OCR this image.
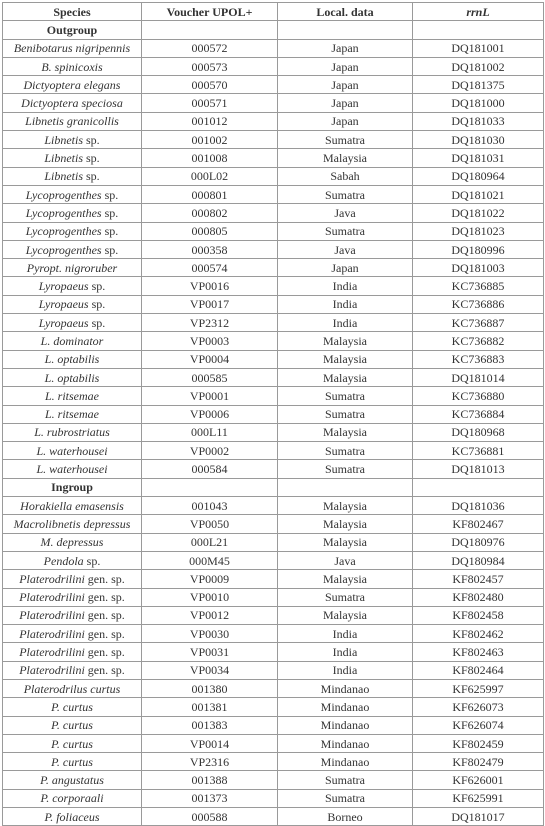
Species	Voucher UPOL+	Local. data	rrnL
Outgroup			
Benibotarus nigripennis	000572	Japan	DQ181001
B. spinicoxis	000573	Japan	DQ181002
Dictyoptera elegans	000570	Japan	DQ181375
Dictyoptera speciosa	000571	Japan	DQ181000
Libnetis granicollis	001012	Japan	DQ181033
Libnetis sp.	001002	Sumatra	DQ181030
Libnetis sp.	001008	Malaysia	DQ181031
Libnetis sp.	000L02	Sabah	DQ180964
Lycoprogenthes sp.	000801	Sumatra	DQ181021
Lycoprogenthes sp.	000802	Java	DQ181022
Lycoprogenthes sp.	000805	Sumatra	DQ181023
Lycoprogenthes sp.	000358	Java	DQ180996
Pyropt. nigroruber	000574	Japan	DQ181003
Lyropaeus sp.	VP0016	India	KC736885
Lyropaeus sp.	VP0017	India	KC736886
Lyropaeus sp.	VP2312	India	KC736887
L. dominator	VP0003	Malaysia	KC736882
L. optabilis	VP0004	Malaysia	KC736883
L. optabilis	000585	Malaysia	DQ181014
L. ritsemae	VP0001	Sumatra	KC736880
L. ritsemae	VP0006	Sumatra	KC736884
L. rubrostriatus	000L11	Malaysia	DQ180968
L. waterhousei	VP0002	Sumatra	KC736881
L. waterhousei	000584	Sumatra	DQ181013
Ingroup			
Horakiella emasensis	001043	Malaysia	DQ181036
Macrolibnetis depressus	VP0050	Malaysia	KF802467
M. depressus	000L21	Malaysia	DQ180976
Pendola sp.	000M45	Java	DQ180984
Platerodrilini gen. sp.	VP0009	Malaysia	KF802457
Platerodrilini gen. sp.	VP0010	Sumatra	KF802480
Platerodrilini gen. sp.	VP0012	Malaysia	KF802458
Platerodrilini gen. sp.	VP0030	India	KF802462
Platerodrilini gen. sp.	VP0031	India	KF802463
Platerodrilini gen. sp.	VP0034	India	KF802464
Platerodrilus curtus	001380	Mindanao	KF625997
P. curtus	001381	Mindanao	KF626073
P. curtus	001383	Mindanao	KF626074
P. curtus	VP0014	Mindanao	KF802459
P. curtus	VP2316	Mindanao	KF802479
P. angustatus	001388	Sumatra	KF626001
P. corporaali	001373	Sumatra	KF625991
P. foliaceus	000588	Borneo	DQ181017
